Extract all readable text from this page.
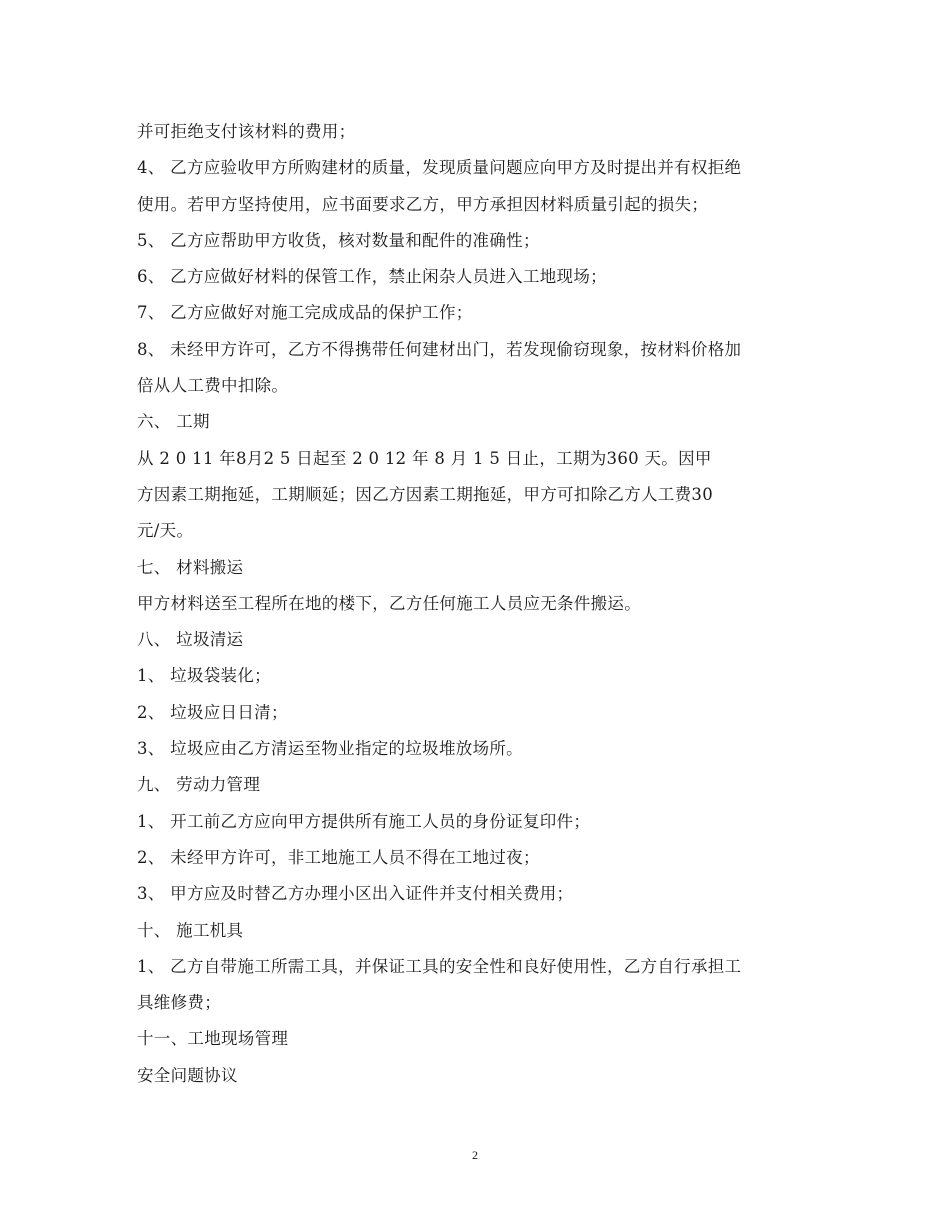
并可拒绝支付该材料的费用；
4、 乙方应验收甲方所购建材的质量，发现质量问题应向甲方及时提出并有权拒绝
使用。若甲方坚持使用，应书面要求乙方，甲方承担因材料质量引起的损失；
5、 乙方应帮助甲方收货，核对数量和配件的准确性；
6、 乙方应做好材料的保管工作，禁止闲杂人员进入工地现场；
7、 乙方应做好对施工完成成品的保护工作；
8、 未经甲方许可，乙方不得携带任何建材出门，若发现偷窃现象，按材料价格加
倍从人工费中扣除。
六、 工期
从 2 0 11 年8月2 5 日起至 2 0 12 年 8 月 1 5 日止，工期为360 天。因甲
方因素工期拖延，工期顺延；因乙方因素工期拖延，甲方可扣除乙方人工费30
元/天。
七、 材料搬运
甲方材料送至工程所在地的楼下，乙方任何施工人员应无条件搬运。
八、 垃圾清运
1、 垃圾袋装化；
2、 垃圾应日日清；
3、 垃圾应由乙方清运至物业指定的垃圾堆放场所。
九、 劳动力管理
1、 开工前乙方应向甲方提供所有施工人员的身份证复印件；
2、 未经甲方许可，非工地施工人员不得在工地过夜；
3、 甲方应及时替乙方办理小区出入证件并支付相关费用；
十、 施工机具
1、 乙方自带施工所需工具，并保证工具的安全性和良好使用性，乙方自行承担工
具维修费；
十一、工地现场管理
安全问题协议
2
